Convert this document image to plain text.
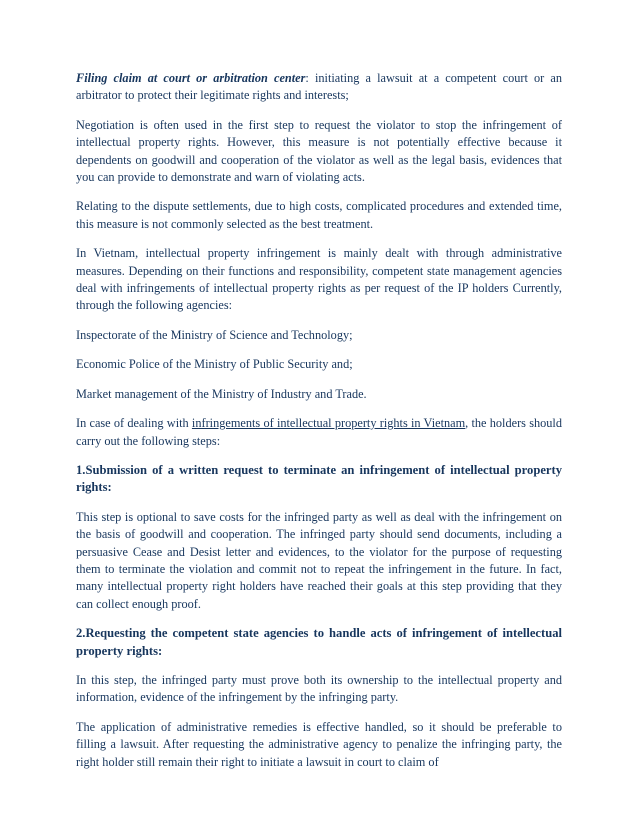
Filing claim at court or arbitration center: initiating a lawsuit at a competent court or an arbitrator to protect their legitimate rights and interests;

Negotiation is often used in the first step to request the violator to stop the infringement of intellectual property rights. However, this measure is not potentially effective because it dependents on goodwill and cooperation of the violator as well as the legal basis, evidences that you can provide to demonstrate and warn of violating acts.

Relating to the dispute settlements, due to high costs, complicated procedures and extended time, this measure is not commonly selected as the best treatment.

In Vietnam, intellectual property infringement is mainly dealt with through administrative measures. Depending on their functions and responsibility, competent state management agencies deal with infringements of intellectual property rights as per request of the IP holders Currently, through the following agencies:

Inspectorate of the Ministry of Science and Technology;

Economic Police of the Ministry of Public Security and;

Market management of the Ministry of Industry and Trade.

In case of dealing with infringements of intellectual property rights in Vietnam, the holders should carry out the following steps:

1.Submission of a written request to terminate an infringement of intellectual property rights:

This step is optional to save costs for the infringed party as well as deal with the infringement on the basis of goodwill and cooperation. The infringed party should send documents, including a persuasive Cease and Desist letter and evidences, to the violator for the purpose of requesting them to terminate the violation and commit not to repeat the infringement in the future. In fact, many intellectual property right holders have reached their goals at this step providing that they can collect enough proof.

2.Requesting the competent state agencies to handle acts of infringement of intellectual property rights:

In this step, the infringed party must prove both its ownership to the intellectual property and information, evidence of the infringement by the infringing party.

The application of administrative remedies is effective handled, so it should be preferable to filling a lawsuit. After requesting the administrative agency to penalize the infringing party, the right holder still remain their right to initiate a lawsuit in court to claim of
